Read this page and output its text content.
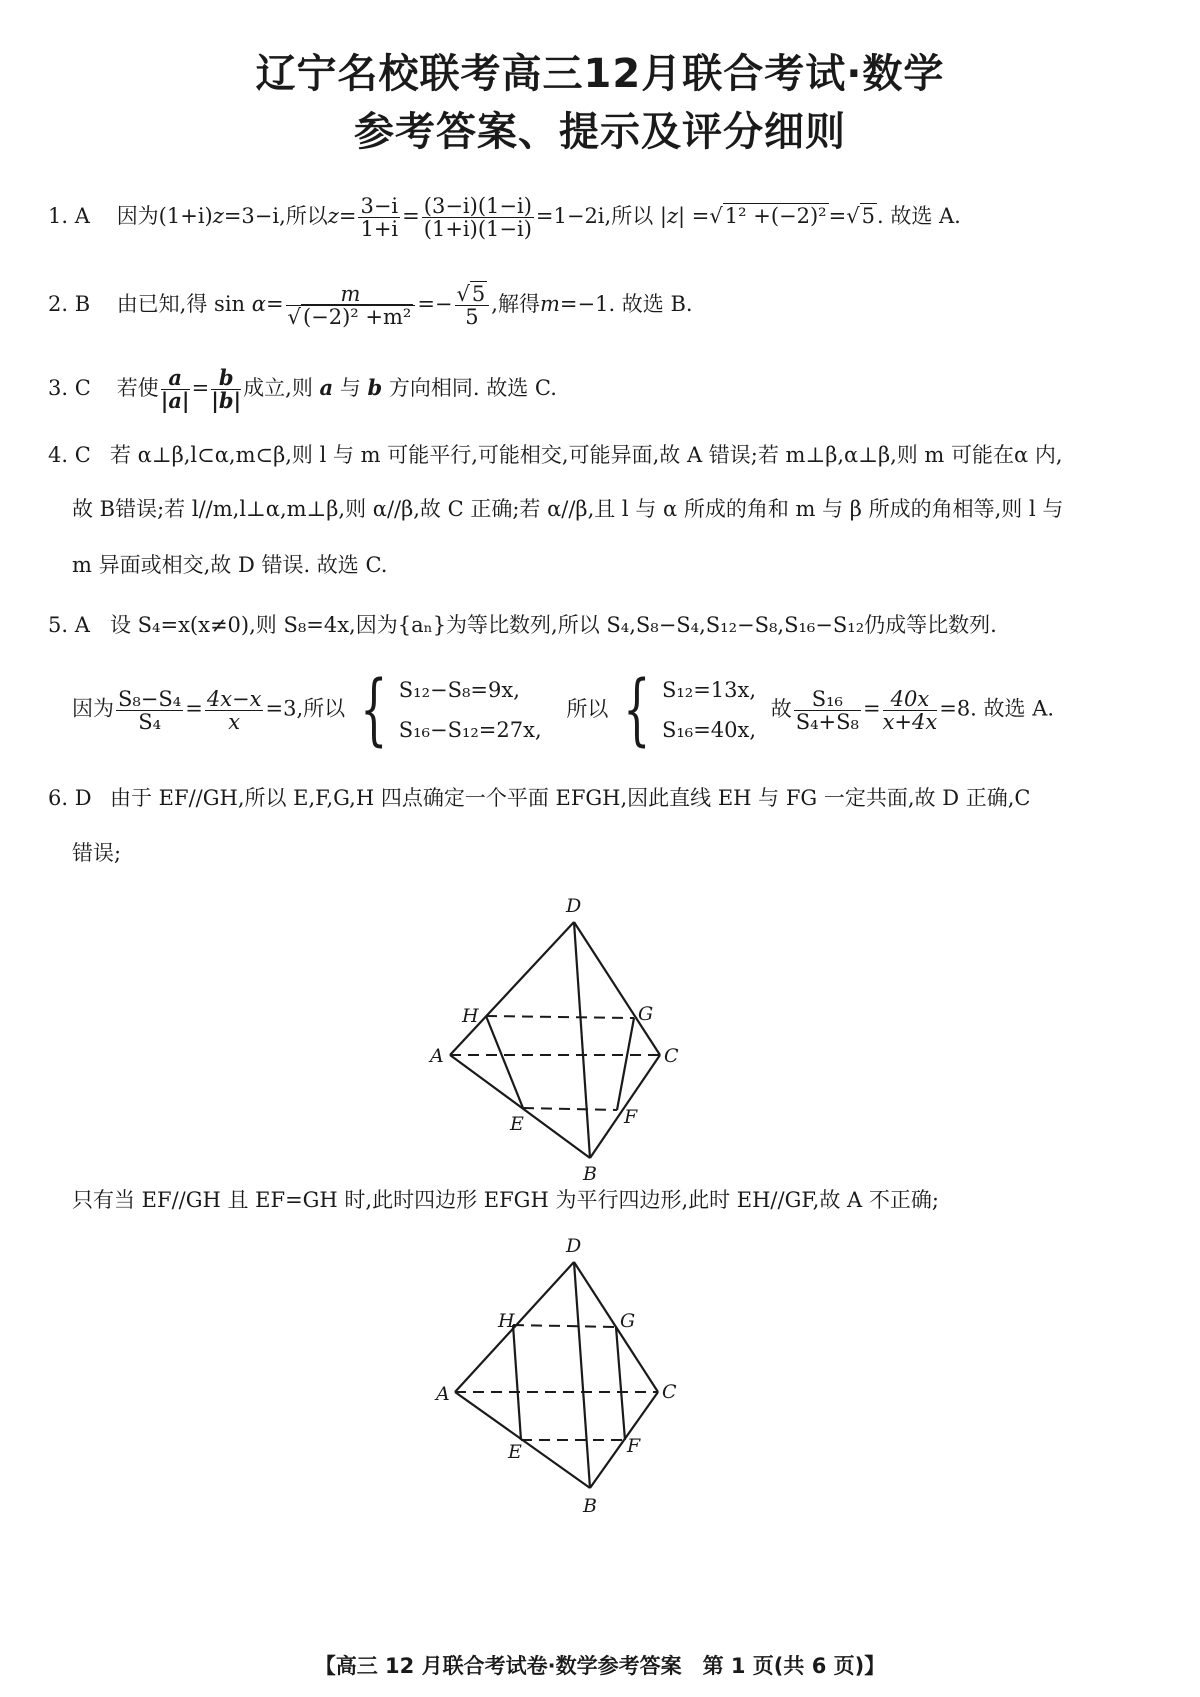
辽宁名校联考高三12月联合考试·数学
参考答案、提示及评分细则
1. A 因为(1+i)z=3−i,所以$z= \frac{3-i}{1+i} = \frac{(3-i)(1-i)}{(1+i)(1-i)} =1-2i$,所以 |z| =√1² +(−2)²=√5. 故选 A.
2. B 由已知,得 $\sin \alpha= \frac{m}{\text{√(−2)² +m²}} =- \frac{√5}{5}$ ,解得m=−1. 故选 B.
3. C 若使 $\frac{a}{|a|}= \frac{b}{|b|}$成立,则 a 与 b 方向相同. 故选 C.
4. C 若 α⊥β,l⊂α,m⊂β,则 l 与 m 可能平行,可能相交,可能异面,故 A 错误;若 m⊥β,α⊥β,则 m 可能在α 内,
故 B错误;若 l//m,l⊥α,m⊥β,则 α//β,故 C 正确;若 α//β,且 l 与 α 所成的角和 m 与 β 所成的角相等,则 l 与
m 异面或相交,故 D 错误. 故选 C.
5. A 设 S₄=x(x≠0),则 S₈=4x,因为{aₙ}为等比数列,所以 S₄,S₈−S₄,S₁₂−S₈,S₁₆−S₁₂仍成等比数列.
因为 $\frac{\text{S₈−S₄}}{\text{S₄}} = \frac{4x-x}{x}=3$,所以 { S₁₂−S₈=9x,
S₁₆−S₁₂=27x,
所以 { S₁₂=13x,
S₁₆=40x,
故 $\frac{\text{S₁₆}}{\text{S₄+S₈}} = \frac{40x}{x+4x}=8$. 故选 A.
6. D 由于 EF//GH,所以 E,F,G,H 四点确定一个平面 EFGH,因此直线 EH 与 FG 一定共面,故 D 正确,C
错误;
D
H	G
A	C
E	F
B
只有当 EF//GH 且 EF=GH 时,此时四边形 EFGH 为平行四边形,此时 EH//GF,故 A 不正确;
D
H	G
A	C
E	F
B
【高三 12 月联合考试卷·数学参考答案　第 1 页(共 6 页)】
